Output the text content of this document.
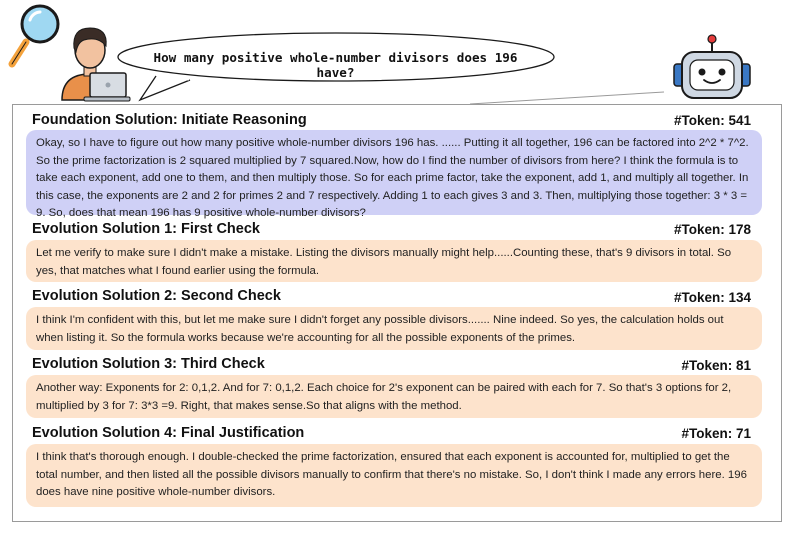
How many positive whole-number divisors does 196 have?
Foundation Solution: Initiate Reasoning	#Token: 541
Okay, so I have to figure out how many positive whole-number divisors 196 has. ...... Putting it all together, 196 can be factored into 2^2 * 7^2. So the prime factorization is 2 squared multiplied by 7 squared.Now, how do I find the number of divisors from here? I think the formula is to take each exponent, add one to them, and then multiply those. So for each prime factor, take the exponent, add 1, and multiply all together. In this case, the exponents are 2 and 2 for primes 2 and 7 respectively. Adding 1 to each gives 3 and 3. Then, multiplying those together: 3 * 3 = 9. So, does that mean 196 has 9 positive whole-number divisors?
Evolution Solution 1: First Check	#Token: 178
Let me verify to make sure I didn't make a mistake. Listing the divisors manually might help......Counting these, that's 9 divisors in total. So yes, that matches what I found earlier using the formula.
Evolution Solution 2: Second Check	#Token: 134
I think I'm confident with this, but let me make sure I didn't forget any possible divisors....... Nine indeed. So yes, the calculation holds out when listing it. So the formula works because we're accounting for all the possible exponents of the primes.
Evolution Solution 3: Third Check	#Token: 81
Another way: Exponents for 2: 0,1,2. And for 7: 0,1,2. Each choice for 2's exponent can be paired with each for 7. So that's 3 options for 2, multiplied by 3 for 7: 3*3 =9. Right, that makes sense.So that aligns with the method.
Evolution Solution 4: Final Justification	#Token: 71
I think that's thorough enough. I double-checked the prime factorization, ensured that each exponent is accounted for, multiplied to get the total number, and then listed all the possible divisors manually to confirm that there's no mistake. So, I don't think I made any errors here. 196 does have nine positive whole-number divisors.
